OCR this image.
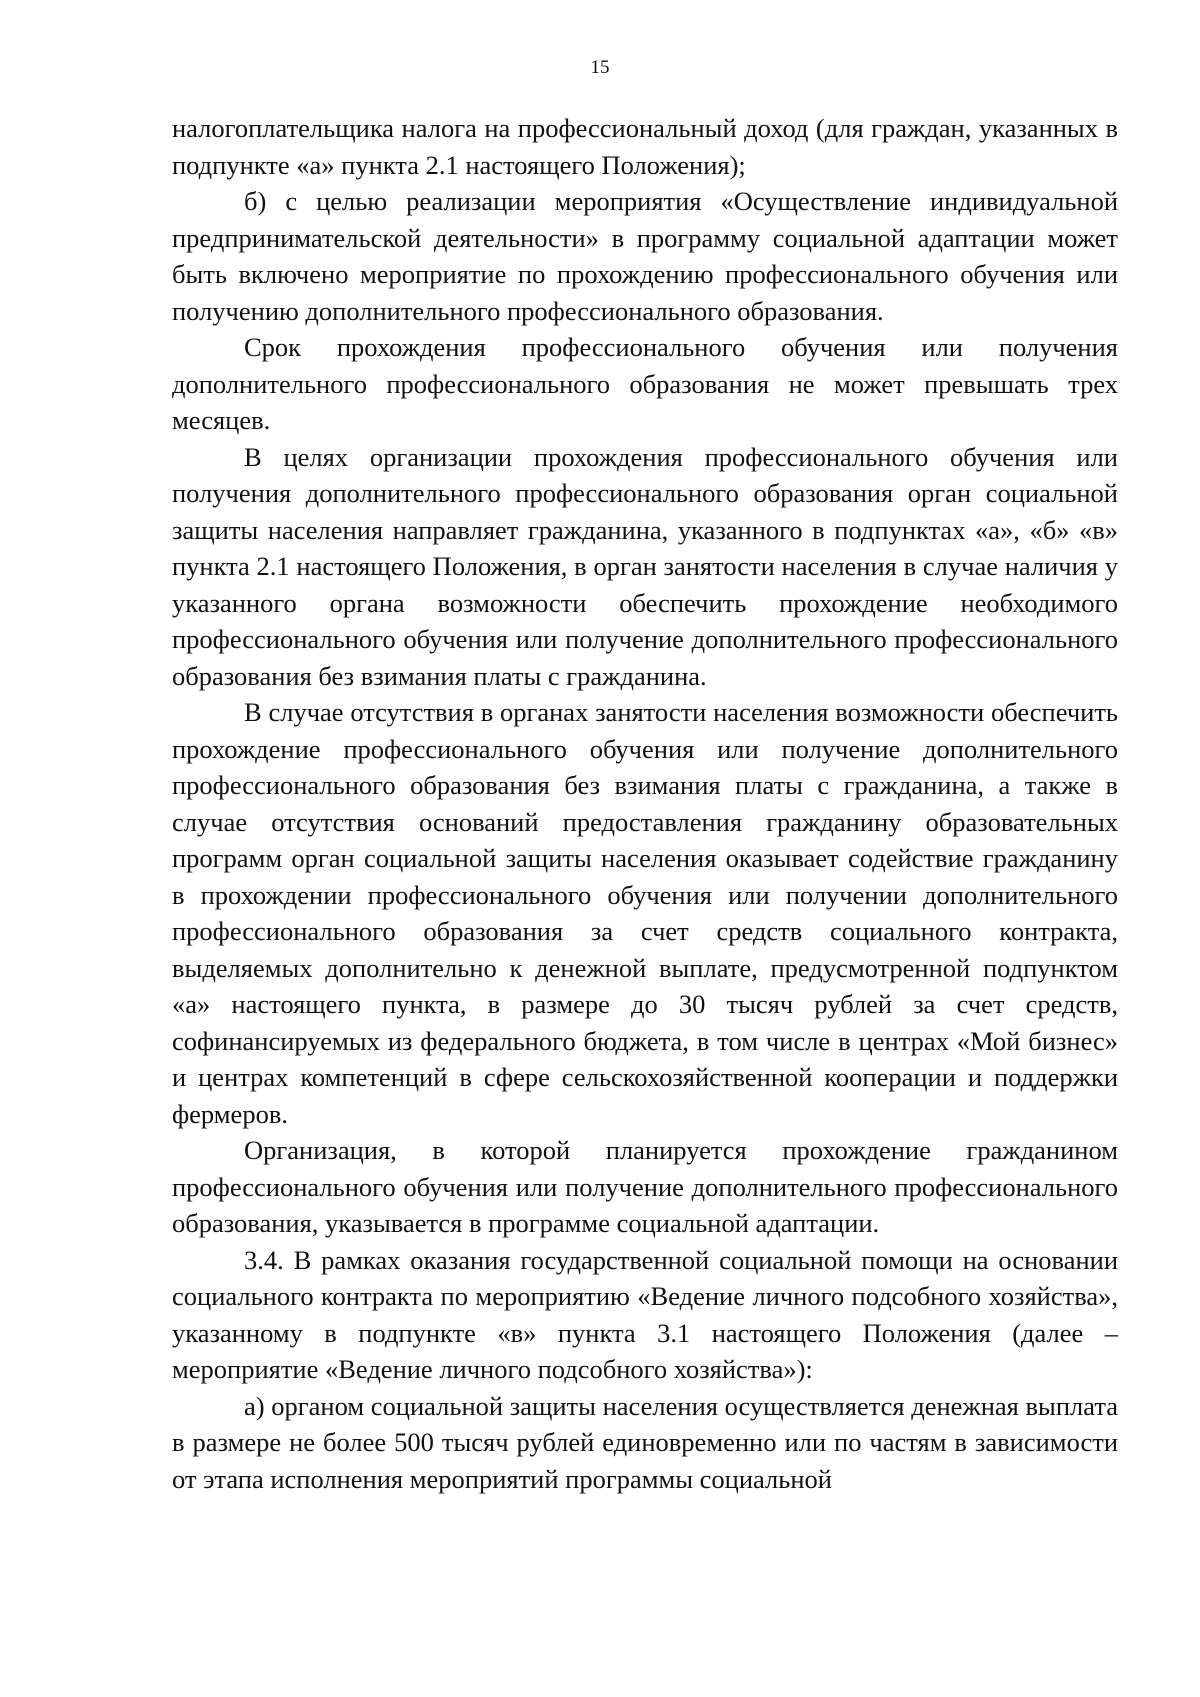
15

налогоплательщика налога на профессиональный доход (для граждан, указанных в подпункте «а» пункта 2.1 настоящего Положения);

б) с целью реализации мероприятия «Осуществление индивидуальной предпринимательской деятельности» в программу социальной адаптации может быть включено мероприятие по прохождению профессионального обучения или получению дополнительного профессионального образования.

Срок прохождения профессионального обучения или получения дополнительного профессионального образования не может превышать трех месяцев.

В целях организации прохождения профессионального обучения или получения дополнительного профессионального образования орган социальной защиты населения направляет гражданина, указанного в подпунктах «а», «б» «в» пункта 2.1 настоящего Положения, в орган занятости населения в случае наличия у указанного органа возможности обеспечить прохождение необходимого профессионального обучения или получение дополнительного профессионального образования без взимания платы с гражданина.

В случае отсутствия в органах занятости населения возможности обеспечить прохождение профессионального обучения или получение дополнительного профессионального образования без взимания платы с гражданина, а также в случае отсутствия оснований предоставления гражданину образовательных программ орган социальной защиты населения оказывает содействие гражданину в прохождении профессионального обучения или получении дополнительного профессионального образования за счет средств социального контракта, выделяемых дополнительно к денежной выплате, предусмотренной подпунктом «а» настоящего пункта, в размере до 30 тысяч рублей за счет средств, софинансируемых из федерального бюджета, в том числе в центрах «Мой бизнес» и центрах компетенций в сфере сельскохозяйственной кооперации и поддержки фермеров.

Организация, в которой планируется прохождение гражданином профессионального обучения или получение дополнительного профессионального образования, указывается в программе социальной адаптации.

3.4. В рамках оказания государственной социальной помощи на основании социального контракта по мероприятию «Ведение личного подсобного хозяйства», указанному в подпункте «в» пункта 3.1 настоящего Положения (далее – мероприятие «Ведение личного подсобного хозяйства»):

а) органом социальной защиты населения осуществляется денежная выплата в размере не более 500 тысяч рублей единовременно или по частям в зависимости от этапа исполнения мероприятий программы социальной
